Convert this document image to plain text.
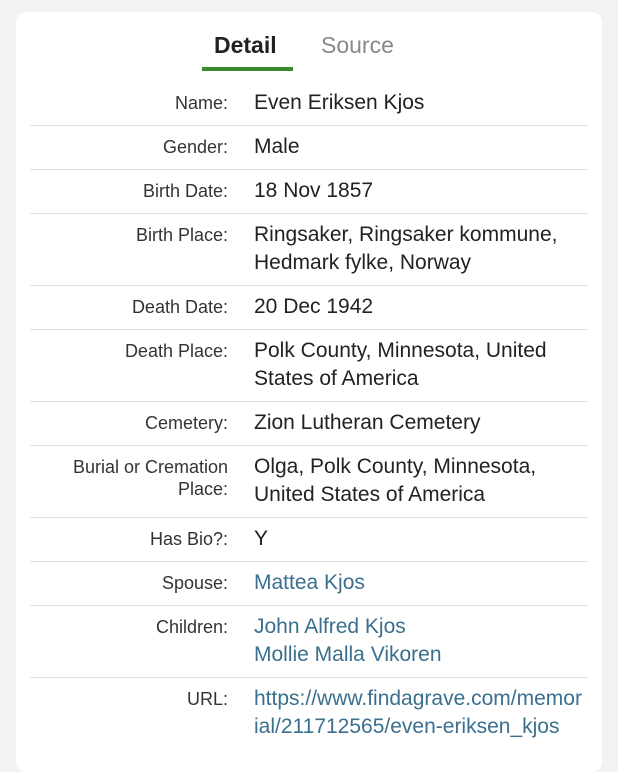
Detail Source
Name: Even Eriksen Kjos
Gender: Male
Birth Date: 18 Nov 1857
Birth Place: Ringsaker, Ringsaker kommune, Hedmark fylke, Norway
Death Date: 20 Dec 1942
Death Place: Polk County, Minnesota, United States of America
Cemetery: Zion Lutheran Cemetery
Burial or Cremation Place:
Olga, Polk County, Minnesota, United States of America
Has Bio?: Y
Spouse: Mattea Kjos
Children: John Alfred Kjos
Mollie Malla Vikoren
URL: https://www.findagrave.com/memorial/211712565/even-eriksen_kjos
